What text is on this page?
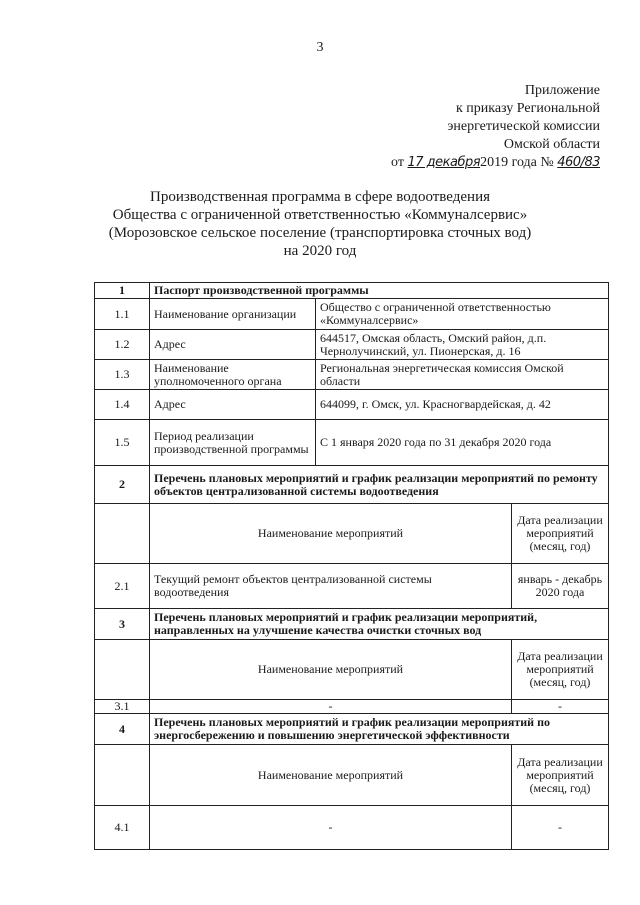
3
Приложение
к приказу Региональной
энергетической комиссии
Омской области
от 17 декабря2019 года № 460/83
Производственная программа в сфере водоотведения
Общества с ограниченной ответственностью «Коммуналсервис»
(Морозовское сельское поселение (транспортировка сточных вод)
на 2020 год
1	Паспорт производственной программы		
1.1	Наименование организации	Общество с ограниченной ответственностью «Коммуналсервис»	
1.2	Адрес	644517, Омская область, Омский район, д.п. Чернолучинский, ул. Пионерская, д. 16	
1.3	Наименование уполномоченного органа	Региональная энергетическая комиссия Омской области	
1.4	Адрес	644099, г. Омск, ул. Красногвардейская, д. 42	
1.5	Период реализации производственной программы	С 1 января 2020 года по 31 декабря 2020 года	
2	Перечень плановых мероприятий и график реализации мероприятий по ремонту объектов централизованной системы водоотведения		
	Наименование мероприятий		Дата реализации мероприятий (месяц, год)
2.1	Текущий ремонт объектов централизованной системы водоотведения		январь - декабрь 2020 года
3	Перечень плановых мероприятий и график реализации мероприятий, направленных на улучшение качества очистки сточных вод		
	Наименование мероприятий		Дата реализации мероприятий (месяц, год)
3.1	-		-
4	Перечень плановых мероприятий и график реализации мероприятий по энергосбережению и повышению энергетической эффективности		
	Наименование мероприятий		Дата реализации мероприятий (месяц, год)
4.1	-		-
